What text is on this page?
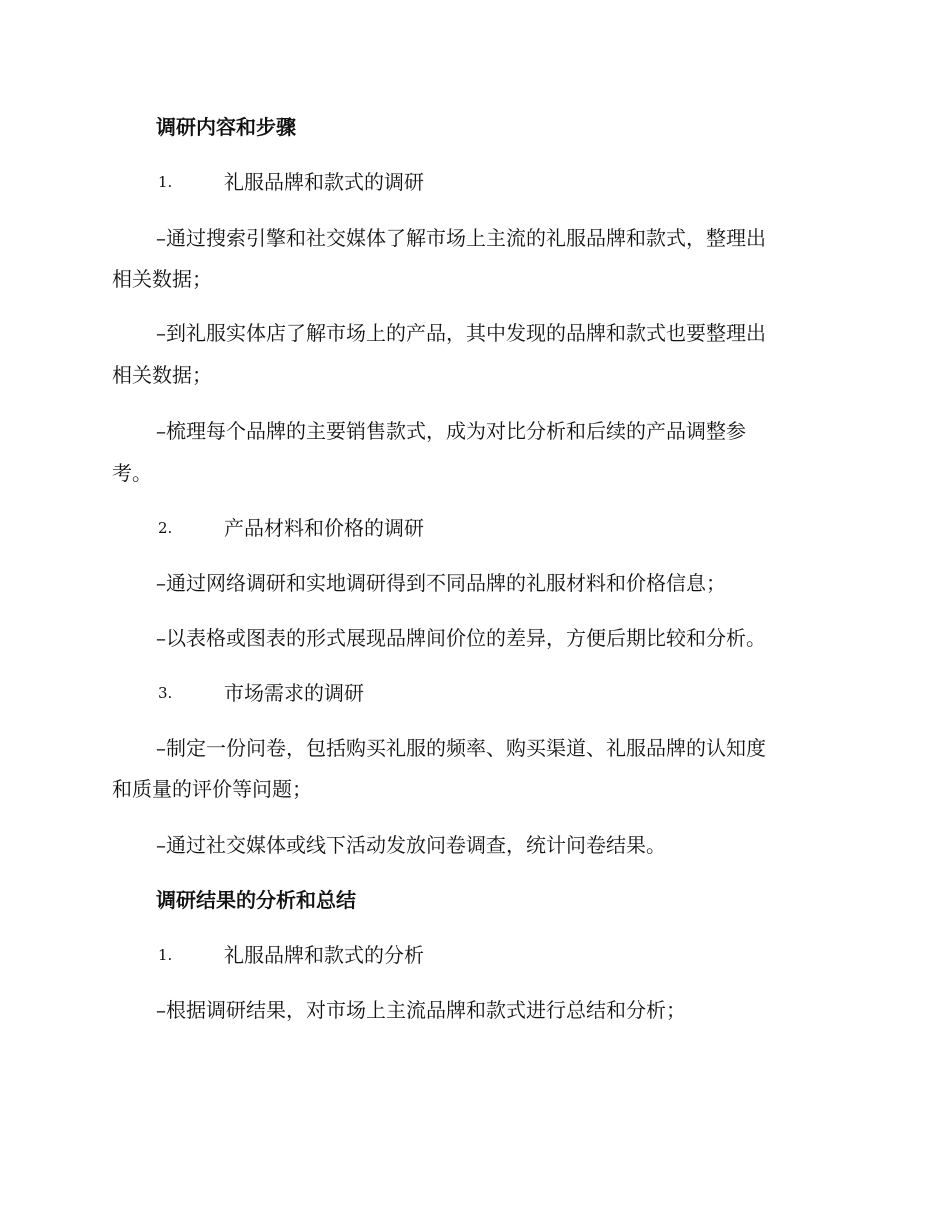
调研内容和步骤
1.	礼服品牌和款式的调研
–通过搜索引擎和社交媒体了解市场上主流的礼服品牌和款式，整理出
相关数据；
–到礼服实体店了解市场上的产品，其中发现的品牌和款式也要整理出
相关数据；
–梳理每个品牌的主要销售款式，成为对比分析和后续的产品调整参
考。
2.	产品材料和价格的调研
–通过网络调研和实地调研得到不同品牌的礼服材料和价格信息；
–以表格或图表的形式展现品牌间价位的差异，方便后期比较和分析。
3.	市场需求的调研
–制定一份问卷，包括购买礼服的频率、购买渠道、礼服品牌的认知度
和质量的评价等问题；
–通过社交媒体或线下活动发放问卷调查，统计问卷结果。
调研结果的分析和总结
1.	礼服品牌和款式的分析
–根据调研结果，对市场上主流品牌和款式进行总结和分析；
